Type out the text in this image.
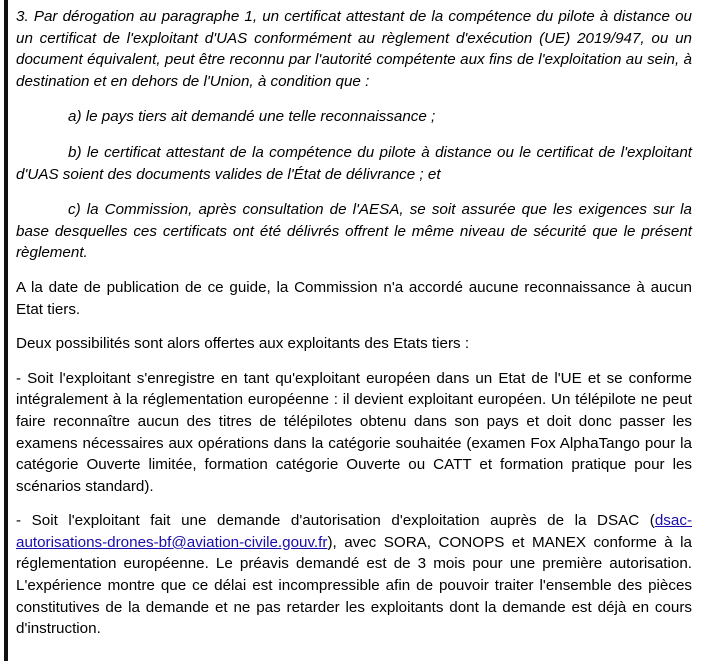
3. Par dérogation au paragraphe 1, un certificat attestant de la compétence du pilote à distance ou un certificat de l'exploitant d'UAS conformément au règlement d'exécution (UE) 2019/947, ou un document équivalent, peut être reconnu par l'autorité compétente aux fins de l'exploitation au sein, à destination et en dehors de l'Union, à condition que :

a) le pays tiers ait demandé une telle reconnaissance ;

b) le certificat attestant de la compétence du pilote à distance ou le certificat de l'exploitant d'UAS soient des documents valides de l'État de délivrance ; et

c) la Commission, après consultation de l'AESA, se soit assurée que les exigences sur la base desquelles ces certificats ont été délivrés offrent le même niveau de sécurité que le présent règlement.

A la date de publication de ce guide, la Commission n'a accordé aucune reconnaissance à aucun Etat tiers.

Deux possibilités sont alors offertes aux exploitants des Etats tiers :

- Soit l'exploitant s'enregistre en tant qu'exploitant européen dans un Etat de l'UE et se conforme intégralement à la réglementation européenne : il devient exploitant européen. Un télépilote ne peut faire reconnaître aucun des titres de télépilotes obtenu dans son pays et doit donc passer les examens nécessaires aux opérations dans la catégorie souhaitée (examen Fox AlphaTango pour la catégorie Ouverte limitée, formation catégorie Ouverte ou CATT et formation pratique pour les scénarios standard).

- Soit l'exploitant fait une demande d'autorisation d'exploitation auprès de la DSAC (dsac-autorisations-drones-bf@aviation-civile.gouv.fr), avec SORA, CONOPS et MANEX conforme à la réglementation européenne. Le préavis demandé est de 3 mois pour une première autorisation. L'expérience montre que ce délai est incompressible afin de pouvoir traiter l'ensemble des pièces constitutives de la demande et ne pas retarder les exploitants dont la demande est déjà en cours d'instruction.
